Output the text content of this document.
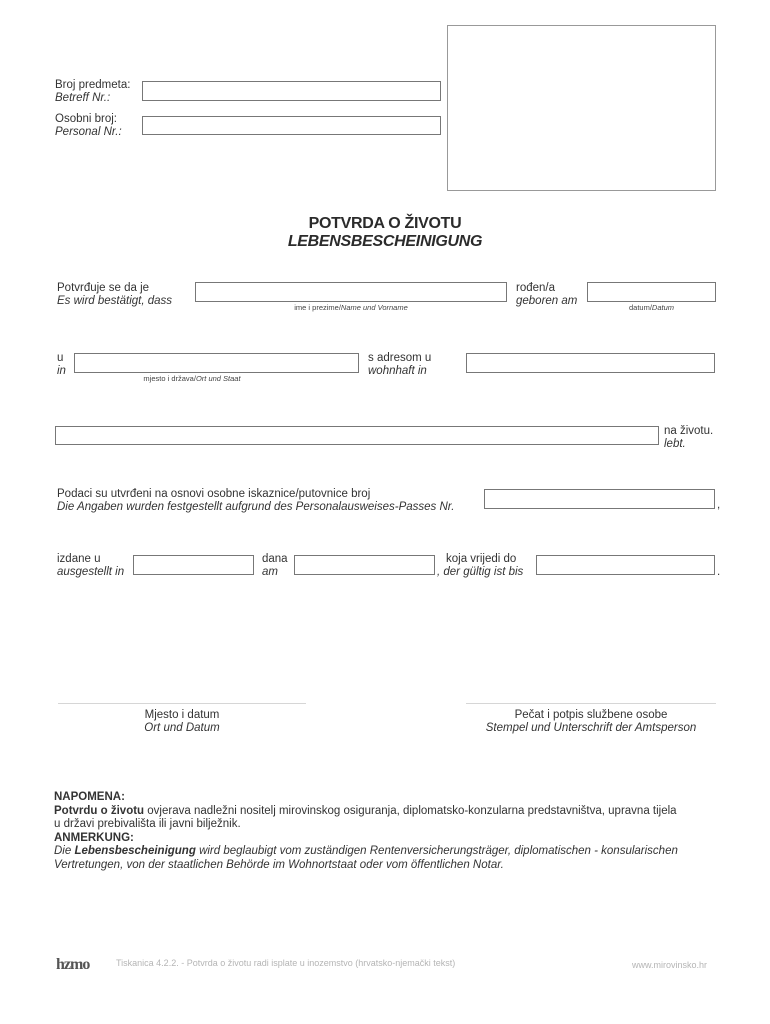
Broj predmeta:
Betreff Nr.:
Osobni broj:
Personal Nr.:
POTVRDA O ŽIVOTU
LEBENSBESCHEINIGUNG
Potvrđuje se da je
Es wird bestätigt, dass
ime i prezime/Name und Vorname
rođen/a
geboren am
datum/Datum
u
in
mjesto i država/Ort und Staat
s adresom u
wohnhaft in
na životu.
lebt.
Podaci su utvrđeni na osnovi osobne iskaznice/putovnice broj
Die Angaben wurden festgestellt aufgrund des Personalausweises-Passes Nr.	,
izdane u
ausgestellt in
dana
am
koja vrijedi do
, der gültig ist bis	.
Mjesto i datum
Ort und Datum
Pečat i potpis službene osobe
Stempel und Unterschrift der Amtsperson
NAPOMENA:
Potvrdu o životu ovjerava nadležni nositelj mirovinskog osiguranja, diplomatsko-konzularna predstavništva, upravna tijela
u državi prebivališta ili javni bilježnik.
ANMERKUNG:
Die Lebensbescheinigung wird beglaubigt vom zuständigen Rentenversicherungsträger, diplomatischen - konsularischen
Vertretungen, von der staatlichen Behörde im Wohnortstaat oder vom öffentlichen Notar.
hzmo	Tiskanica 4.2.2. - Potvrda o životu radi isplate u inozemstvo (hrvatsko-njemački tekst)	www.mirovinsko.hr
